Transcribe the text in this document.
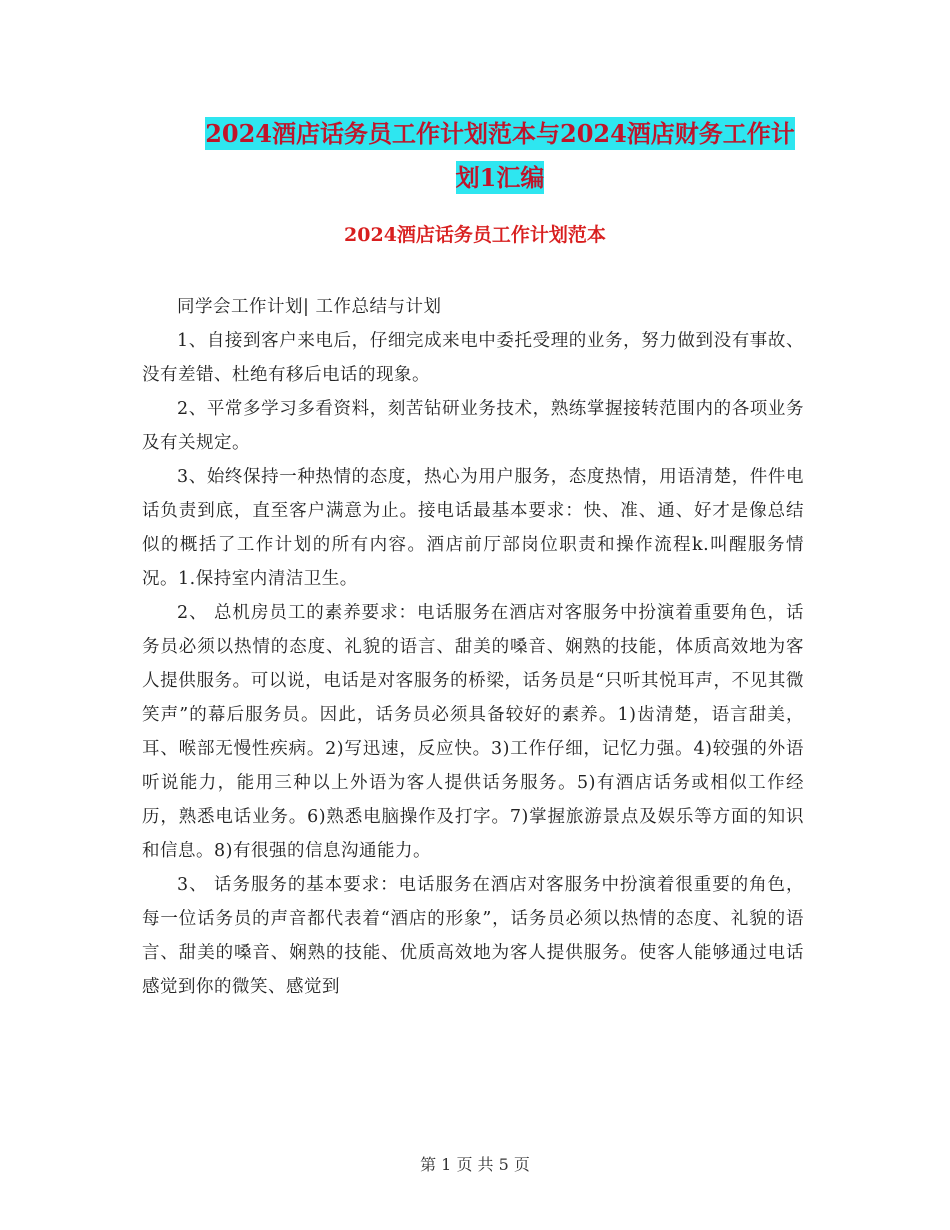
2024酒店话务员工作计划范本与2024酒店财务工作计
划1汇编
2024酒店话务员工作计划范本

同学会工作计划| 工作总结与计划

1、自接到客户来电后，仔细完成来电中委托受理的业务，努力做到没有事故、没有差错、杜绝有移后电话的现象。

2、平常多学习多看资料，刻苦钻研业务技术，熟练掌握接转范围内的各项业务及有关规定。

3、始终保持一种热情的态度，热心为用户服务，态度热情，用语清楚，件件电话负责到底，直至客户满意为止。接电话最基本要求：快、准、通、好才是像总结似的概括了工作计划的所有内容。酒店前厅部岗位职责和操作流程k.叫醒服务情况。1.保持室内清洁卫生。

2、 总机房员工的素养要求：电话服务在酒店对客服务中扮演着重要角色，话务员必须以热情的态度、礼貌的语言、甜美的嗓音、娴熟的技能，体质高效地为客人提供服务。可以说，电话是对客服务的桥梁，话务员是“只听其悦耳声，不见其微笑声”的幕后服务员。因此，话务员必须具备较好的素养。1)齿清楚，语言甜美，耳、喉部无慢性疾病。2)写迅速，反应快。3)工作仔细，记忆力强。4)较强的外语听说能力，能用三种以上外语为客人提供话务服务。5)有酒店话务或相似工作经历，熟悉电话业务。6)熟悉电脑操作及打字。7)掌握旅游景点及娱乐等方面的知识和信息。8)有很强的信息沟通能力。

3、 话务服务的基本要求：电话服务在酒店对客服务中扮演着很重要的角色，每一位话务员的声音都代表着“酒店的形象”，话务员必须以热情的态度、礼貌的语言、甜美的嗓音、娴熟的技能、优质高效地为客人提供服务。使客人能够通过电话感觉到你的微笑、感觉到

第 1 页 共 5 页
